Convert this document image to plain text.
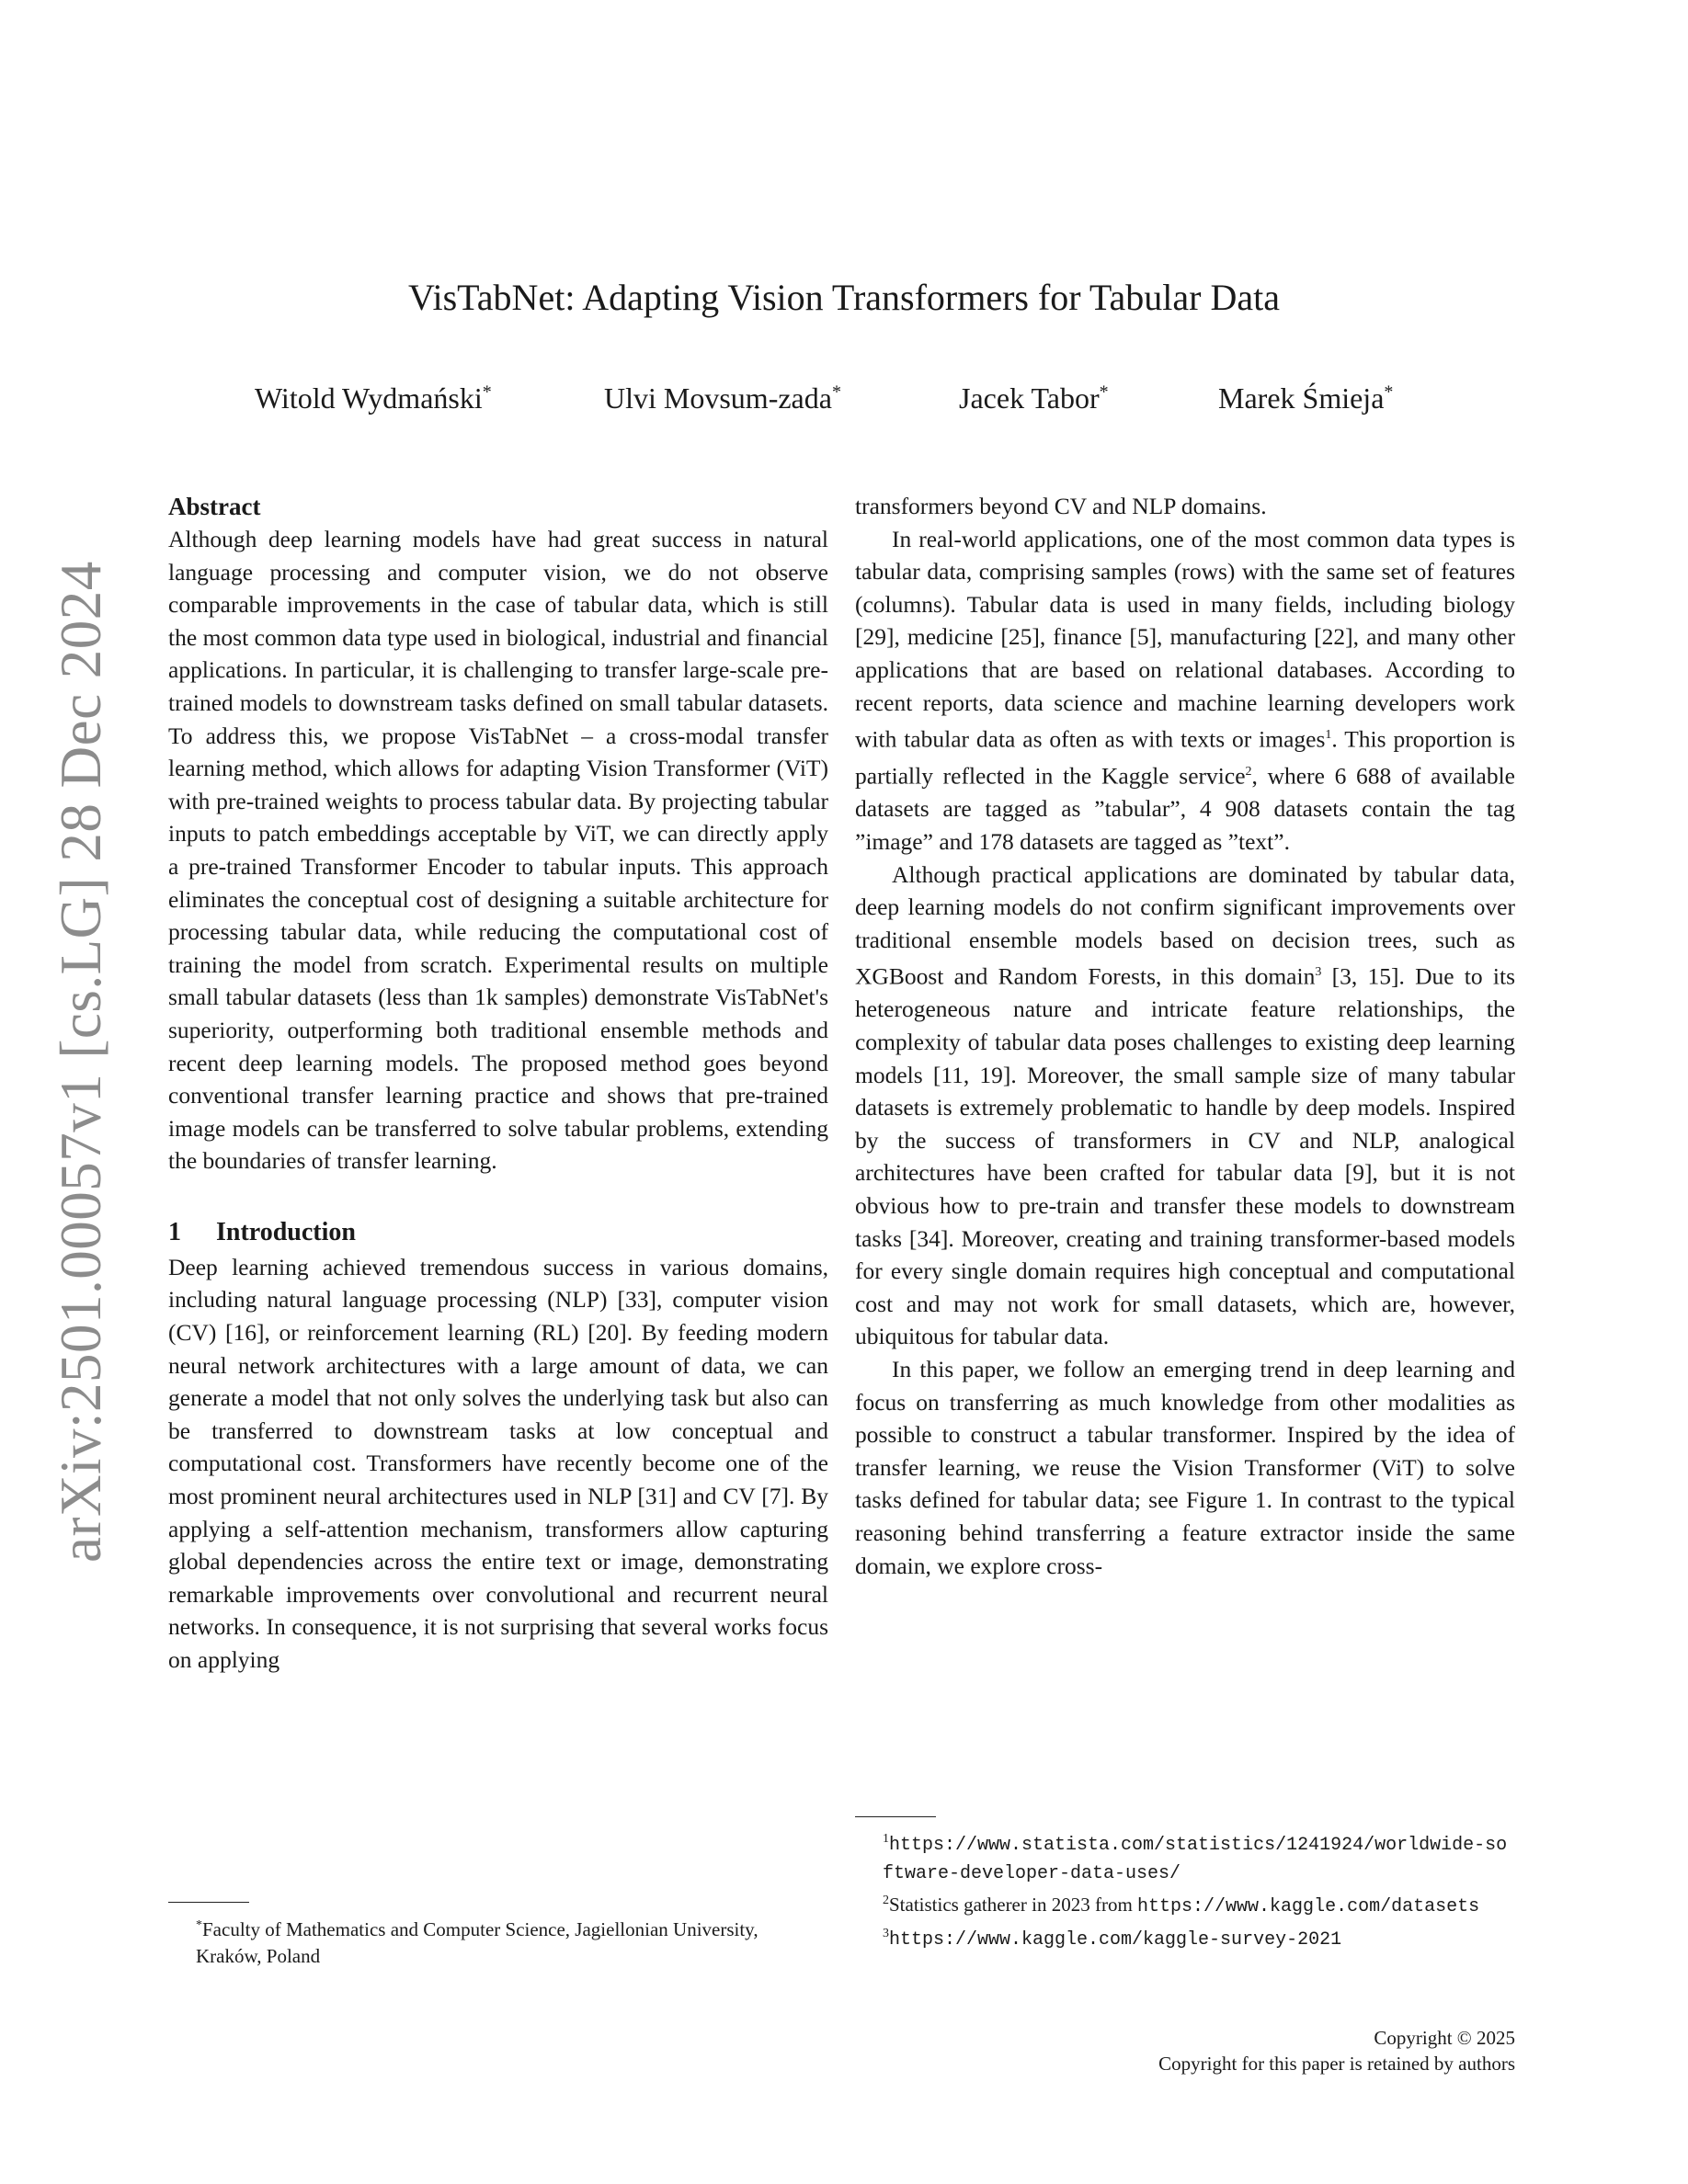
arXiv:2501.00057v1 [cs.LG] 28 Dec 2024
VisTabNet: Adapting Vision Transformers for Tabular Data
Witold Wydmański*	Ulvi Movsum-zada*	Jacek Tabor*	Marek Śmieja*

Abstract

Although deep learning models have had great success in natural language processing and computer vision, we do not observe comparable improvements in the case of tabular data, which is still the most common data type used in biological, industrial and financial applications. In particular, it is challenging to transfer large-scale pre-trained models to downstream tasks defined on small tabular datasets. To address this, we propose VisTabNet – a cross-modal transfer learning method, which allows for adapting Vision Transformer (ViT) with pre-trained weights to process tabular data. By projecting tabular inputs to patch embeddings acceptable by ViT, we can directly apply a pre-trained Transformer Encoder to tabular inputs. This approach eliminates the conceptual cost of designing a suitable architecture for processing tabular data, while reducing the computational cost of training the model from scratch. Experimental results on multiple small tabular datasets (less than 1k samples) demonstrate VisTabNet's superiority, outperforming both traditional ensemble methods and recent deep learning models. The proposed method goes beyond conventional transfer learning practice and shows that pre-trained image models can be transferred to solve tabular problems, extending the boundaries of transfer learning.

1 Introduction

Deep learning achieved tremendous success in various domains, including natural language processing (NLP) [33], computer vision (CV) [16], or reinforcement learning (RL) [20]. By feeding modern neural network architectures with a large amount of data, we can generate a model that not only solves the underlying task but also can be transferred to downstream tasks at low conceptual and computational cost. Transformers have recently become one of the most prominent neural architectures used in NLP [31] and CV [7]. By applying a self-attention mechanism, transformers allow capturing global dependencies across the entire text or image, demonstrating remarkable improvements over convolutional and recurrent neural networks. In consequence, it is not surprising that several works focus on applying

transformers beyond CV and NLP domains.

In real-world applications, one of the most common data types is tabular data, comprising samples (rows) with the same set of features (columns). Tabular data is used in many fields, including biology [29], medicine [25], finance [5], manufacturing [22], and many other applications that are based on relational databases. According to recent reports, data science and machine learning developers work with tabular data as often as with texts or images$^1$. This proportion is partially reflected in the Kaggle service$^2$, where 6 688 of available datasets are tagged as ”tabular”, 4 908 datasets contain the tag ”image” and 178 datasets are tagged as ”text”.

Although practical applications are dominated by tabular data, deep learning models do not confirm significant improvements over traditional ensemble models based on decision trees, such as XGBoost and Random Forests, in this domain$^3$ [3, 15]. Due to its heterogeneous nature and intricate feature relationships, the complexity of tabular data poses challenges to existing deep learning models [11, 19]. Moreover, the small sample size of many tabular datasets is extremely problematic to handle by deep models. Inspired by the success of transformers in CV and NLP, analogical architectures have been crafted for tabular data [9], but it is not obvious how to pre-train and transfer these models to downstream tasks [34]. Moreover, creating and training transformer-based models for every single domain requires high conceptual and computational cost and may not work for small datasets, which are, however, ubiquitous for tabular data.

In this paper, we follow an emerging trend in deep learning and focus on transferring as much knowledge from other modalities as possible to construct a tabular transformer. Inspired by the idea of transfer learning, we reuse the Vision Transformer (ViT) to solve tasks defined for tabular data; see Figure 1. In contrast to the typical reasoning behind transferring a feature extractor inside the same domain, we explore cross-

*Faculty of Mathematics and Computer Science, Jagiellonian University, Kraków, Poland

$^1$https://www.statista.com/statistics/1241924/worldwide-software-developer-data-uses/

$^2$Statistics gatherer in 2023 from https://www.kaggle.com/datasets

$^3$https://www.kaggle.com/kaggle-survey-2021

Copyright © 2025
Copyright for this paper is retained by authors
